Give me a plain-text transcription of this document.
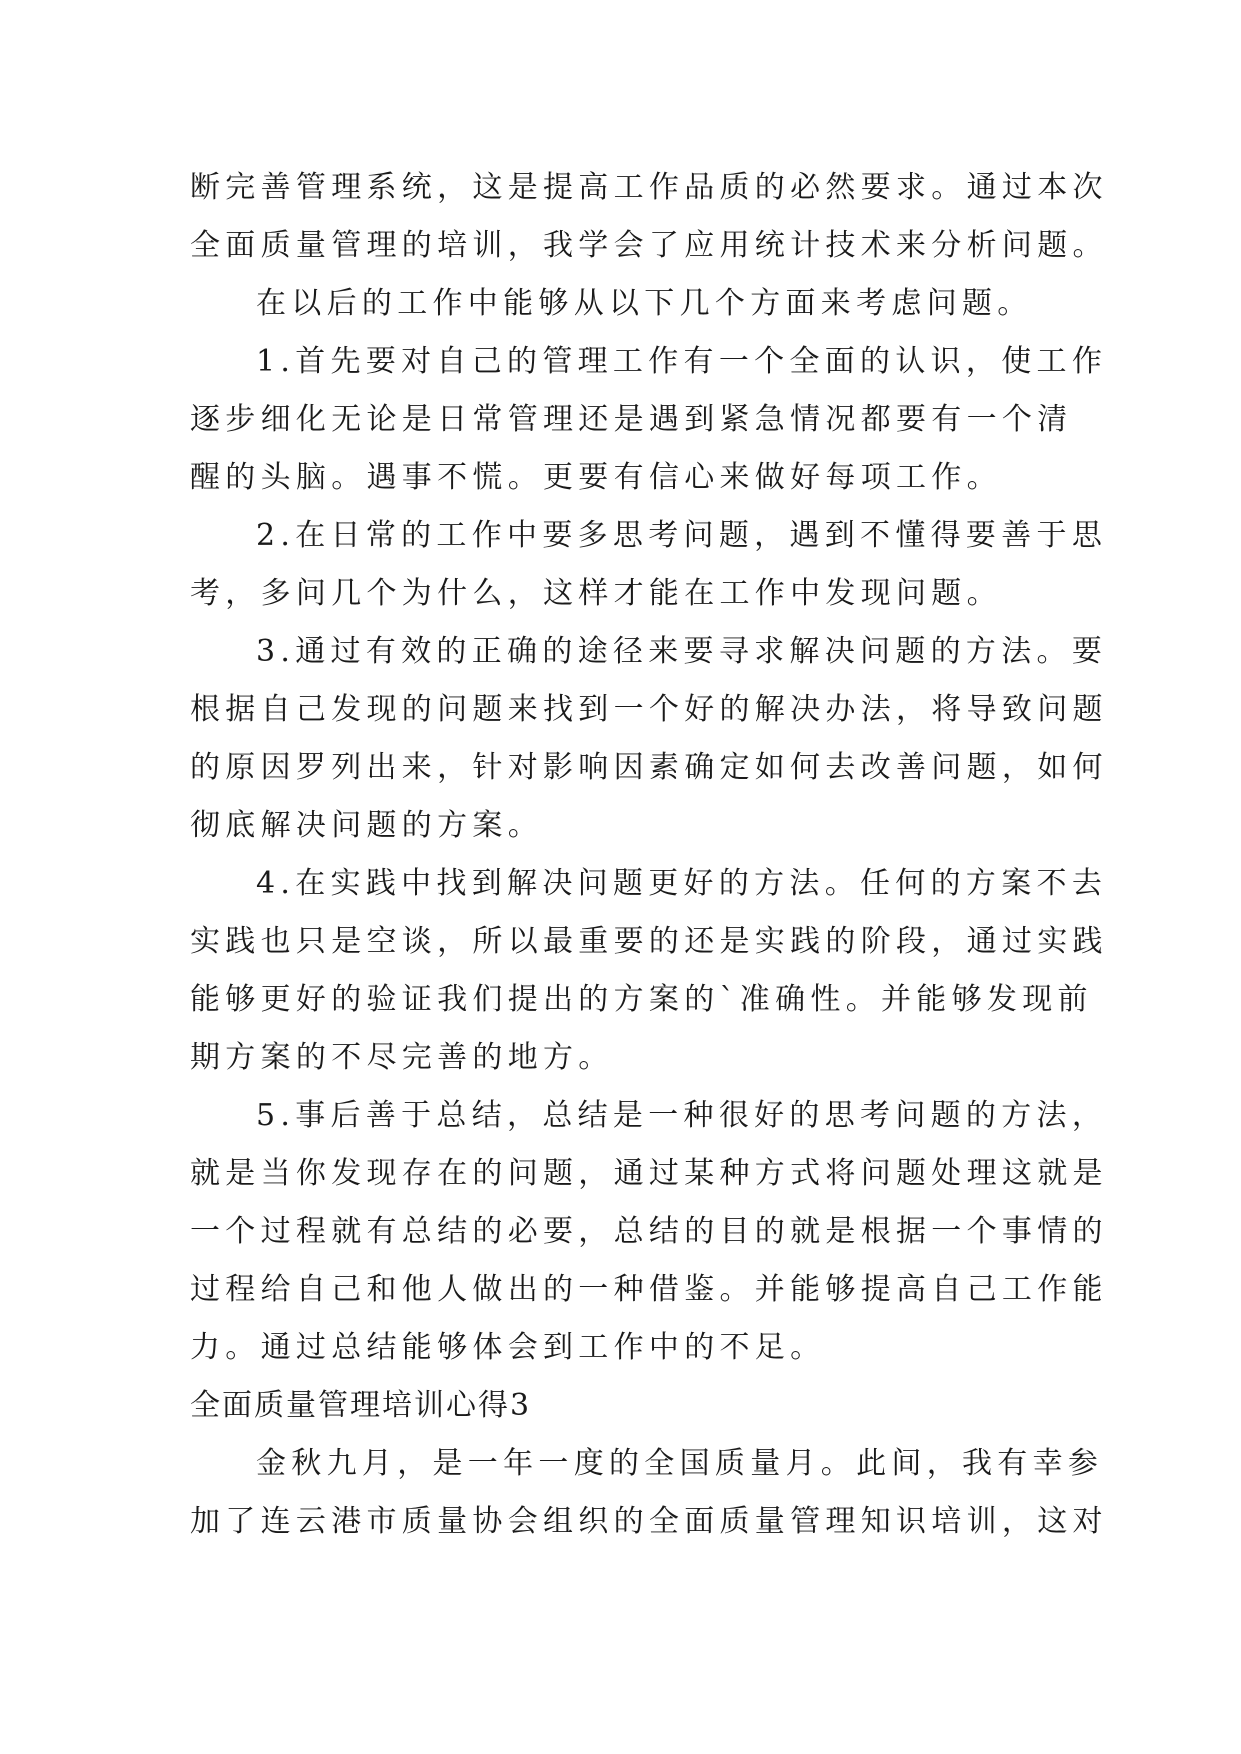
断完善管理系统，这是提高工作品质的必然要求。通过本次
全面质量管理的培训，我学会了应用统计技术来分析问题。
在以后的工作中能够从以下几个方面来考虑问题。
1.首先要对自己的管理工作有一个全面的认识，使工作
逐步细化无论是日常管理还是遇到紧急情况都要有一个清
醒的头脑。遇事不慌。更要有信心来做好每项工作。
2.在日常的工作中要多思考问题，遇到不懂得要善于思
考，多问几个为什么，这样才能在工作中发现问题。
3.通过有效的正确的途径来要寻求解决问题的方法。要
根据自己发现的问题来找到一个好的解决办法，将导致问题
的原因罗列出来，针对影响因素确定如何去改善问题，如何
彻底解决问题的方案。
4.在实践中找到解决问题更好的方法。任何的方案不去
实践也只是空谈，所以最重要的还是实践的阶段，通过实践
能够更好的验证我们提出的方案的`准确性。并能够发现前
期方案的不尽完善的地方。
5.事后善于总结，总结是一种很好的思考问题的方法，
就是当你发现存在的问题，通过某种方式将问题处理这就是
一个过程就有总结的必要，总结的目的就是根据一个事情的
过程给自己和他人做出的一种借鉴。并能够提高自己工作能
力。通过总结能够体会到工作中的不足。
全面质量管理培训心得3
金秋九月，是一年一度的全国质量月。此间，我有幸参
加了连云港市质量协会组织的全面质量管理知识培训，这对
